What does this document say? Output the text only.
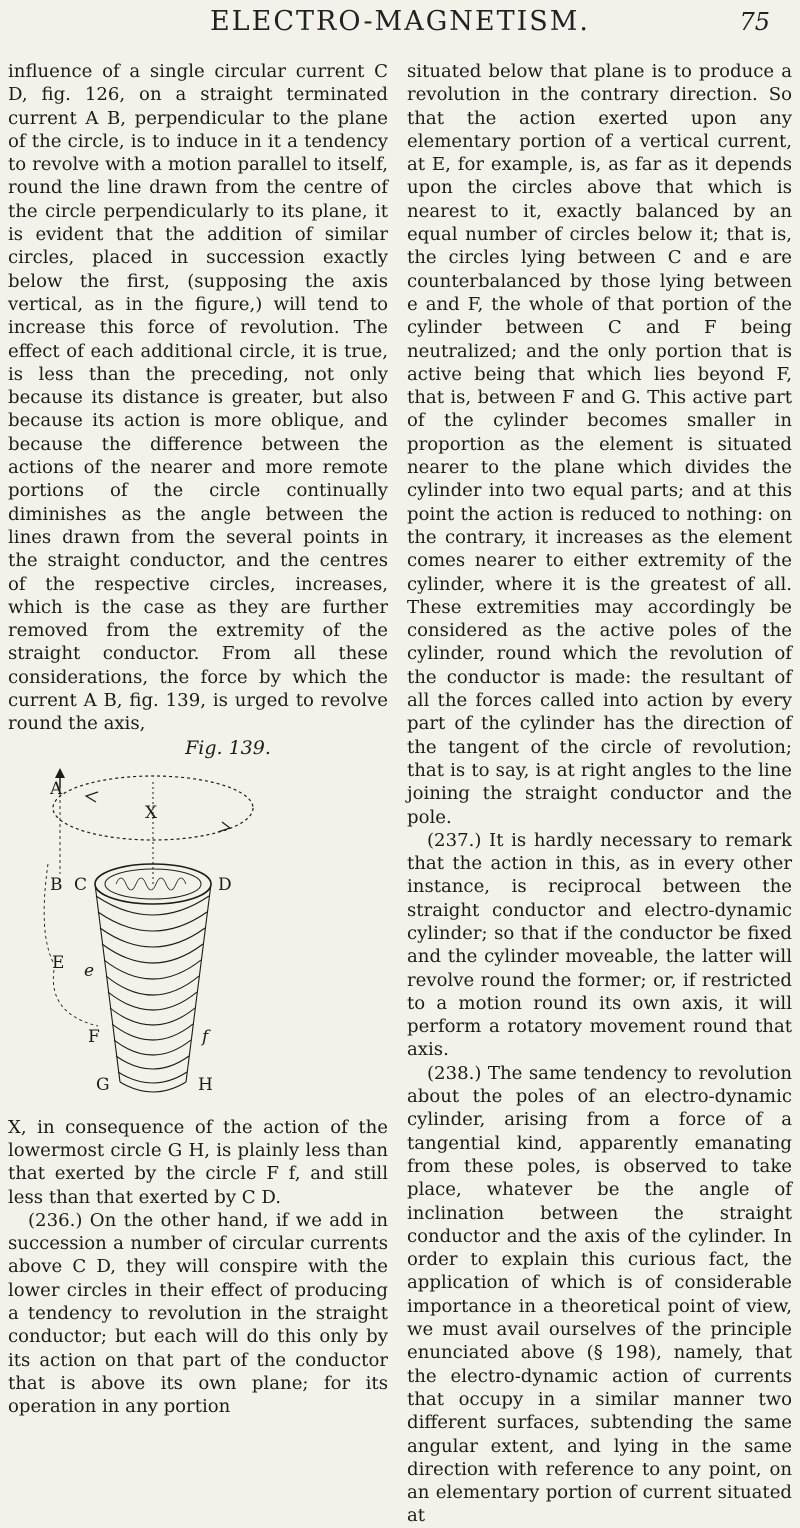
ELECTRO-MAGNETISM.	75

influence of a single circular current C D, fig. 126, on a straight terminated current A B, perpendicular to the plane of the circle, is to induce in it a tendency to revolve with a motion parallel to itself, round the line drawn from the centre of the circle perpendicularly to its plane, it is evident that the addition of similar circles, placed in succession exactly below the first, (supposing the axis vertical, as in the figure,) will tend to increase this force of revolution. The effect of each additional circle, it is true, is less than the preceding, not only because its distance is greater, but also because its action is more oblique, and because the difference between the actions of the nearer and more remote portions of the circle continually diminishes as the angle between the lines drawn from the several points in the straight conductor, and the centres of the respective circles, increases, which is the case as they are further removed from the extremity of the straight conductor. From all these considerations, the force by which the current A B, fig. 139, is urged to revolve round the axis,

Fig. 139.
A
X
B C	D
E e
F	f
G	H

X, in consequence of the action of the lowermost circle G H, is plainly less than that exerted by the circle F f, and still less than that exerted by C D.

(236.) On the other hand, if we add in succession a number of circular currents above C D, they will conspire with the lower circles in their effect of producing a tendency to revolution in the straight conductor; but each will do this only by its action on that part of the conductor that is above its own plane; for its operation in any portion

situated below that plane is to produce a revolution in the contrary direction. So that the action exerted upon any elementary portion of a vertical current, at E, for example, is, as far as it depends upon the circles above that which is nearest to it, exactly balanced by an equal number of circles below it; that is, the circles lying between C and e are counterbalanced by those lying between e and F, the whole of that portion of the cylinder between C and F being neutralized; and the only portion that is active being that which lies beyond F, that is, between F and G. This active part of the cylinder becomes smaller in proportion as the element is situated nearer to the plane which divides the cylinder into two equal parts; and at this point the action is reduced to nothing: on the contrary, it increases as the element comes nearer to either extremity of the cylinder, where it is the greatest of all. These extremities may accordingly be considered as the active poles of the cylinder, round which the revolution of the conductor is made: the resultant of all the forces called into action by every part of the cylinder has the direction of the tangent of the circle of revolution; that is to say, is at right angles to the line joining the straight conductor and the pole.

(237.) It is hardly necessary to remark that the action in this, as in every other instance, is reciprocal between the straight conductor and electro-dynamic cylinder; so that if the conductor be fixed and the cylinder moveable, the latter will revolve round the former; or, if restricted to a motion round its own axis, it will perform a rotatory movement round that axis.

(238.) The same tendency to revolution about the poles of an electro-dynamic cylinder, arising from a force of a tangential kind, apparently emanating from these poles, is observed to take place, whatever be the angle of inclination between the straight conductor and the axis of the cylinder. In order to explain this curious fact, the application of which is of considerable importance in a theoretical point of view, we must avail ourselves of the principle enunciated above (§ 198), namely, that the electro-dynamic action of currents that occupy in a similar manner two different surfaces, subtending the same angular extent, and lying in the same direction with reference to any point, on an elementary portion of current situated at
